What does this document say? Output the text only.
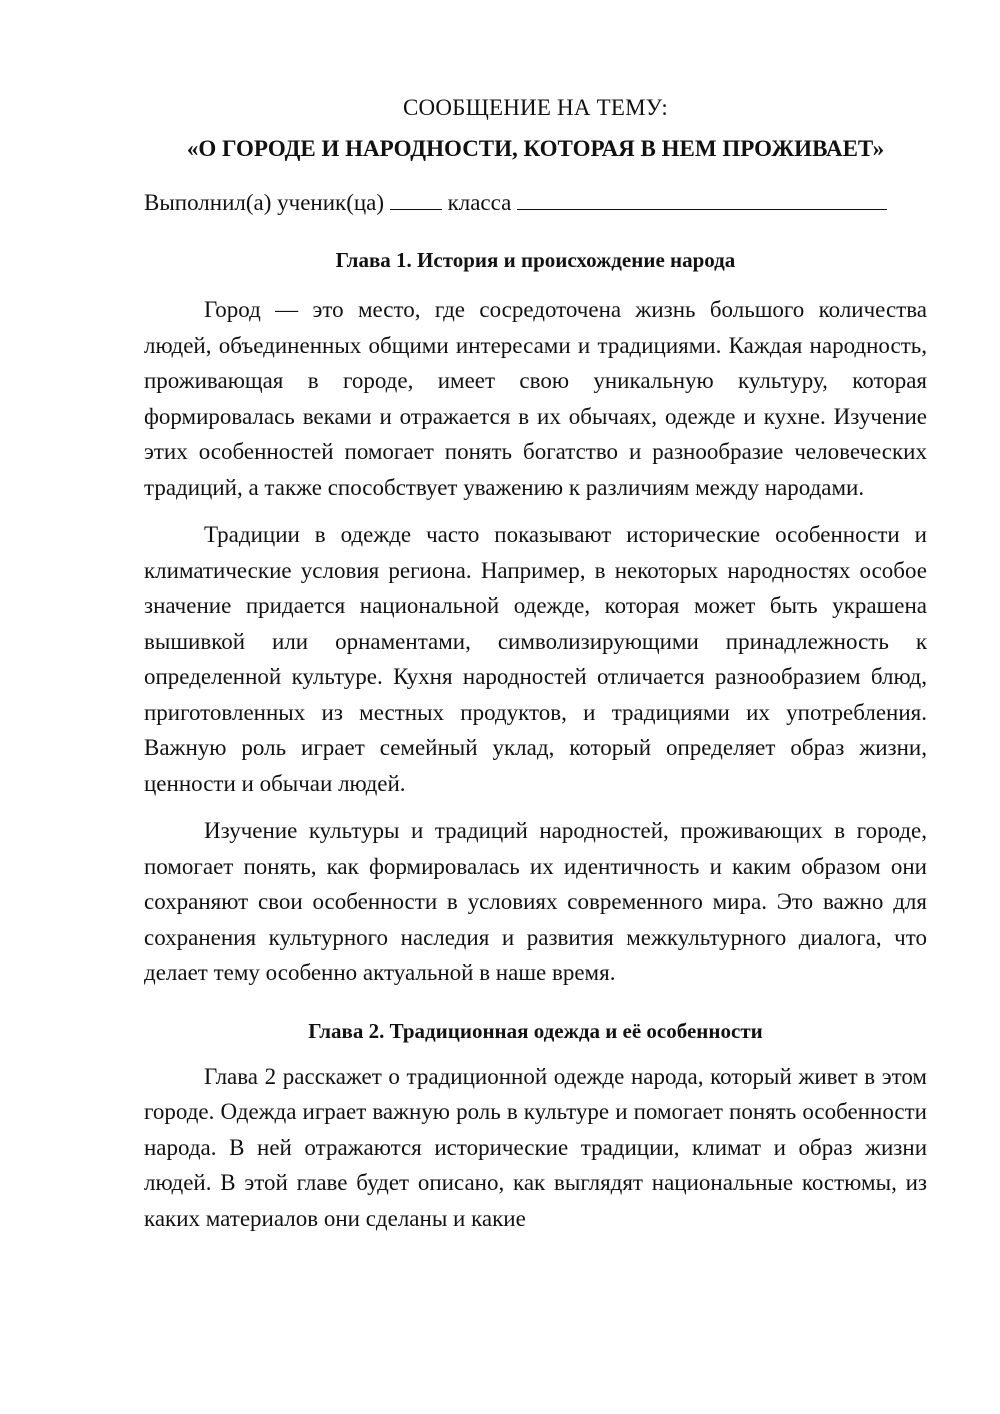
СООБЩЕНИЕ НА ТЕМУ:
«О ГОРОДЕ И НАРОДНОСТИ, КОТОРАЯ В НЕМ ПРОЖИВАЕТ»
Выполнил(а) ученик(ца)	класса
Глава 1. История и происхождение народа

Город — это место, где сосредоточена жизнь большого количества людей, объединенных общими интересами и традициями. Каждая народность, проживающая в городе, имеет свою уникальную культуру, которая формировалась веками и отражается в их обычаях, одежде и кухне. Изучение этих особенностей помогает понять богатство и разнообразие человеческих традиций, а также способствует уважению к различиям между народами.

Традиции в одежде часто показывают исторические особенности и климатические условия региона. Например, в некоторых народностях особое значение придается национальной одежде, которая может быть украшена вышивкой или орнаментами, символизирующими принадлежность к определенной культуре. Кухня народностей отличается разнообразием блюд, приготовленных из местных продуктов, и традициями их употребления. Важную роль играет семейный уклад, который определяет образ жизни, ценности и обычаи людей.

Изучение культуры и традиций народностей, проживающих в городе, помогает понять, как формировалась их идентичность и каким образом они сохраняют свои особенности в условиях современного мира. Это важно для сохранения культурного наследия и развития межкультурного диалога, что делает тему особенно актуальной в наше время.

Глава 2. Традиционная одежда и её особенности

Глава 2 расскажет о традиционной одежде народа, который живет в этом городе. Одежда играет важную роль в культуре и помогает понять особенности народа. В ней отражаются исторические традиции, климат и образ жизни людей. В этой главе будет описано, как выглядят национальные костюмы, из каких материалов они сделаны и какие
